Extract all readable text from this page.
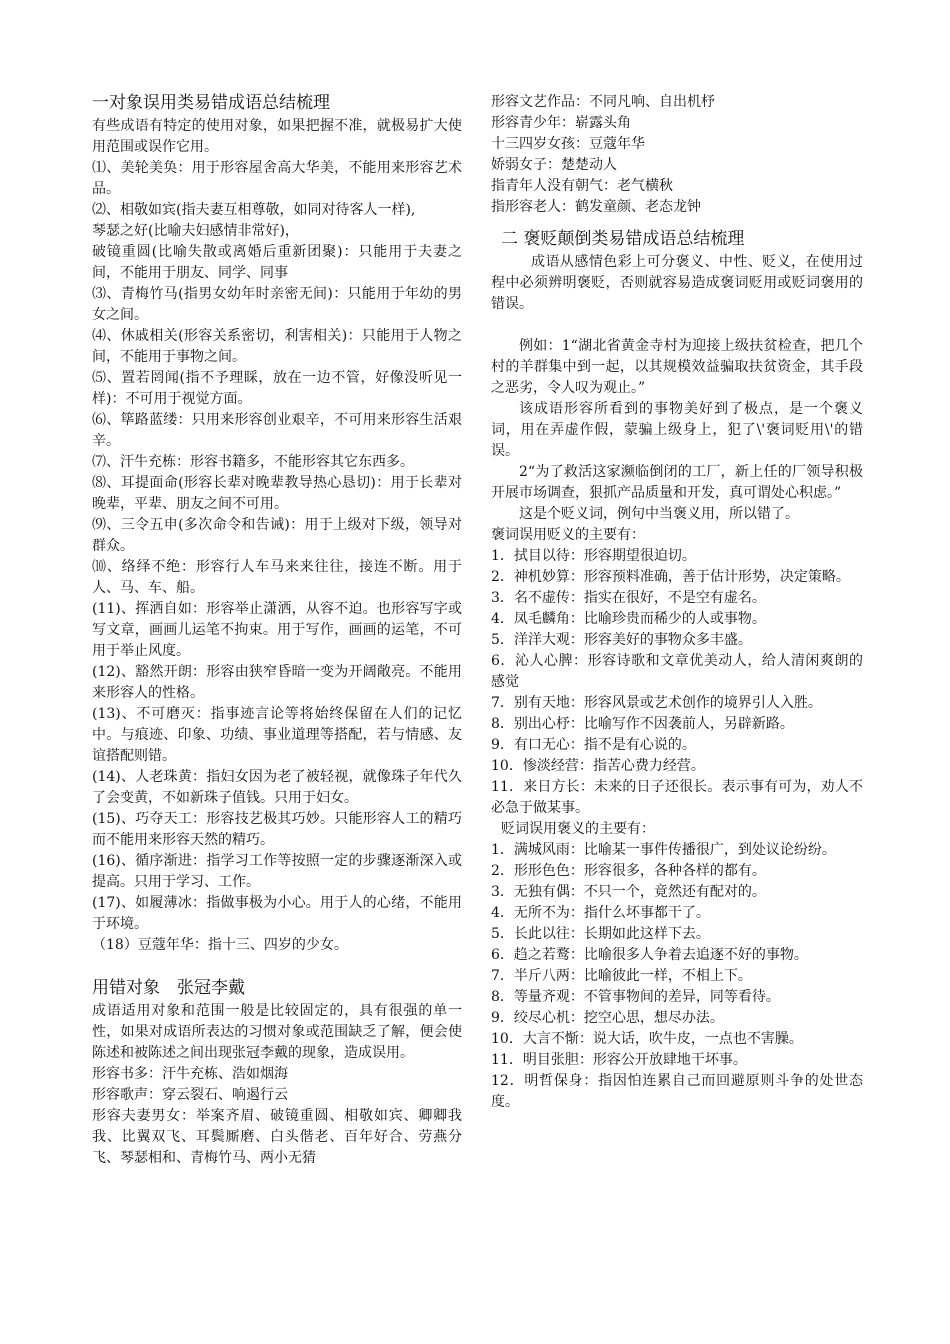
一对象误用类易错成语总结梳理

有些成语有特定的使用对象，如果把握不准，就极易扩大使用范围或误作它用。

⑴、美轮美奂：用于形容屋舍高大华美，不能用来形容艺术品。

⑵、相敬如宾(指夫妻互相尊敬，如同对待客人一样),

琴瑟之好(比喻夫妇感情非常好)，

破镜重圆(比喻失散或离婚后重新团聚)：只能用于夫妻之间，不能用于朋友、同学、同事

⑶、青梅竹马(指男女幼年时亲密无间)：只能用于年幼的男女之间。

⑷、休戚相关(形容关系密切，利害相关)：只能用于人物之间，不能用于事物之间。

⑸、置若罔闻(指不予理睬，放在一边不管，好像没听见一样)：不可用于视觉方面。

⑹、筚路蓝缕：只用来形容创业艰辛，不可用来形容生活艰辛。

⑺、汗牛充栋：形容书籍多，不能形容其它东西多。

⑻、耳提面命(形容长辈对晚辈教导热心恳切)：用于长辈对晚辈，平辈、朋友之间不可用。

⑼、三令五申(多次命令和告诫)：用于上级对下级，领导对群众。

⑽、络绎不绝：形容行人车马来来往往，接连不断。用于人、马、车、船。

(11)、挥洒自如：形容举止潇洒，从容不迫。也形容写字或写文章，画画儿运笔不拘束。用于写作，画画的运笔，不可用于举止风度。

(12)、豁然开朗：形容由狭窄昏暗一变为开阔敞亮。不能用来形容人的性格。

(13)、不可磨灭：指事迹言论等将始终保留在人们的记忆中。与痕迹、印象、功绩、事业道理等搭配，若与情感、友谊搭配则错。

(14)、人老珠黄：指妇女因为老了被轻视，就像珠子年代久了会变黄，不如新珠子值钱。只用于妇女。

(15)、巧夺天工：形容技艺极其巧妙。只能形容人工的精巧而不能用来形容天然的精巧。

(16)、循序渐进：指学习工作等按照一定的步骤逐渐深入或提高。只用于学习、工作。

(17)、如履薄冰：指做事极为小心。用于人的心绪，不能用于环境。

（18）豆蔻年华：指十三、四岁的少女。

用错对象　张冠李戴

成语适用对象和范围一般是比较固定的，具有很强的单一性，如果对成语所表达的习惯对象或范围缺乏了解，便会使陈述和被陈述之间出现张冠李戴的现象，造成误用。

形容书多：汗牛充栋、浩如烟海

形容歌声：穿云裂石、响遏行云

形容夫妻男女：举案齐眉、破镜重圆、相敬如宾、卿卿我我、比翼双飞、耳鬓厮磨、白头偕老、百年好合、劳燕分飞、琴瑟相和、青梅竹马、两小无猜

形容文艺作品：不同凡响、自出机杼

形容青少年：崭露头角

十三四岁女孩：豆蔻年华

娇弱女子：楚楚动人

指青年人没有朝气：老气横秋

指形容老人：鹤发童颜、老态龙钟

二 褒贬颠倒类易错成语总结梳理

成语从感情色彩上可分褒义、中性、贬义，在使用过程中必须辨明褒贬，否则就容易造成褒词贬用或贬词褒用的错误。

例如：1“湖北省黄金寺村为迎接上级扶贫检查，把几个村的羊群集中到一起，以其规模效益骗取扶贫资金，其手段之恶劣，令人叹为观止。”

该成语形容所看到的事物美好到了极点，是一个褒义词，用在弄虚作假，蒙骗上级身上，犯了\'褒词贬用\'的错误。

2“为了救活这家濒临倒闭的工厂，新上任的厂领导积极开展市场调查，狠抓产品质量和开发，真可谓处心积虑。”

这是个贬义词，例句中当褒义用，所以错了。

褒词误用贬义的主要有：

1．拭目以待：形容期望很迫切。

2．神机妙算：形容预料准确，善于估计形势，决定策略。

3．名不虚传：指实在很好，不是空有虚名。

4．凤毛麟角：比喻珍贵而稀少的人或事物。

5．洋洋大观：形容美好的事物众多丰盛。

6．沁人心脾：形容诗歌和文章优美动人，给人清闲爽朗的感觉

7．别有天地：形容风景或艺术创作的境界引人入胜。

8．别出心杼：比喻写作不因袭前人，另辟新路。

9．有口无心：指不是有心说的。

10．惨淡经营：指苦心费力经营。

11．来日方长：未来的日子还很长。表示事有可为，劝人不必急于做某事。

贬词误用褒义的主要有：

1．满城风雨：比喻某一事件传播很广，到处议论纷纷。

2．形形色色：形容很多，各种各样的都有。

3．无独有偶：不只一个，竟然还有配对的。

4．无所不为：指什么坏事都干了。

5．长此以往：长期如此这样下去。

6．趋之若鹜：比喻很多人争着去追逐不好的事物。

7．半斤八两：比喻彼此一样，不相上下。

8．等量齐观：不管事物间的差异，同等看待。

9．绞尽心机：挖空心思，想尽办法。

10．大言不惭：说大话，吹牛皮，一点也不害臊。

11．明目张胆：形容公开放肆地干坏事。

12．明哲保身：指因怕连累自己而回避原则斗争的处世态度。
